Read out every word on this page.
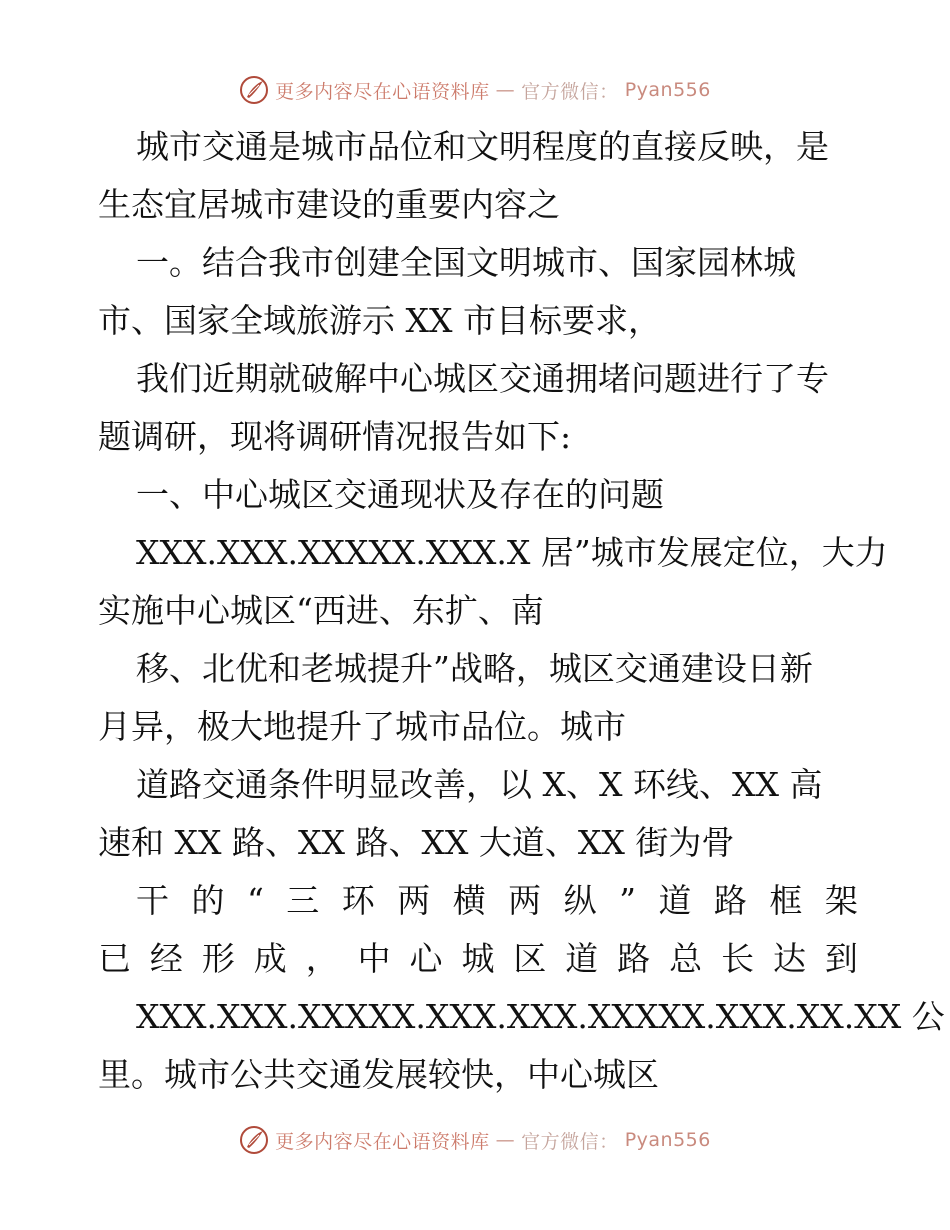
更多内容尽在心语资料库 — 官方微信： Pyan556
城市交通是城市品位和文明程度的直接反映，是
生态宜居城市建设的重要内容之
一。结合我市创建全国文明城市、国家园林城
市、国家全域旅游示 XX 市目标要求，
我们近期就破解中心城区交通拥堵问题进行了专
题调研，现将调研情况报告如下:
一、中心城区交通现状及存在的问题
XXX.XXX.XXXXX.XXX.X 居”城市发展定位，大力
实施中心城区“西进、东扩、南
移、北优和老城提升”战略，城区交通建设日新
月异，极大地提升了城市品位。城市
道路交通条件明显改善，以 X、X 环线、XX 高
速和 XX 路、XX 路、XX 大道、XX 街为骨
干 的 “ 三 环 两 横 两 纵 ” 道 路 框 架
已 经 形 成 ， 中 心 城 区 道 路 总 长 达 到
XXX.XXX.XXXXX.XXX.XXX.XXXXX.XXX.XX.XX 公
里。城市公共交通发展较快，中心城区
更多内容尽在心语资料库 — 官方微信： Pyan556
